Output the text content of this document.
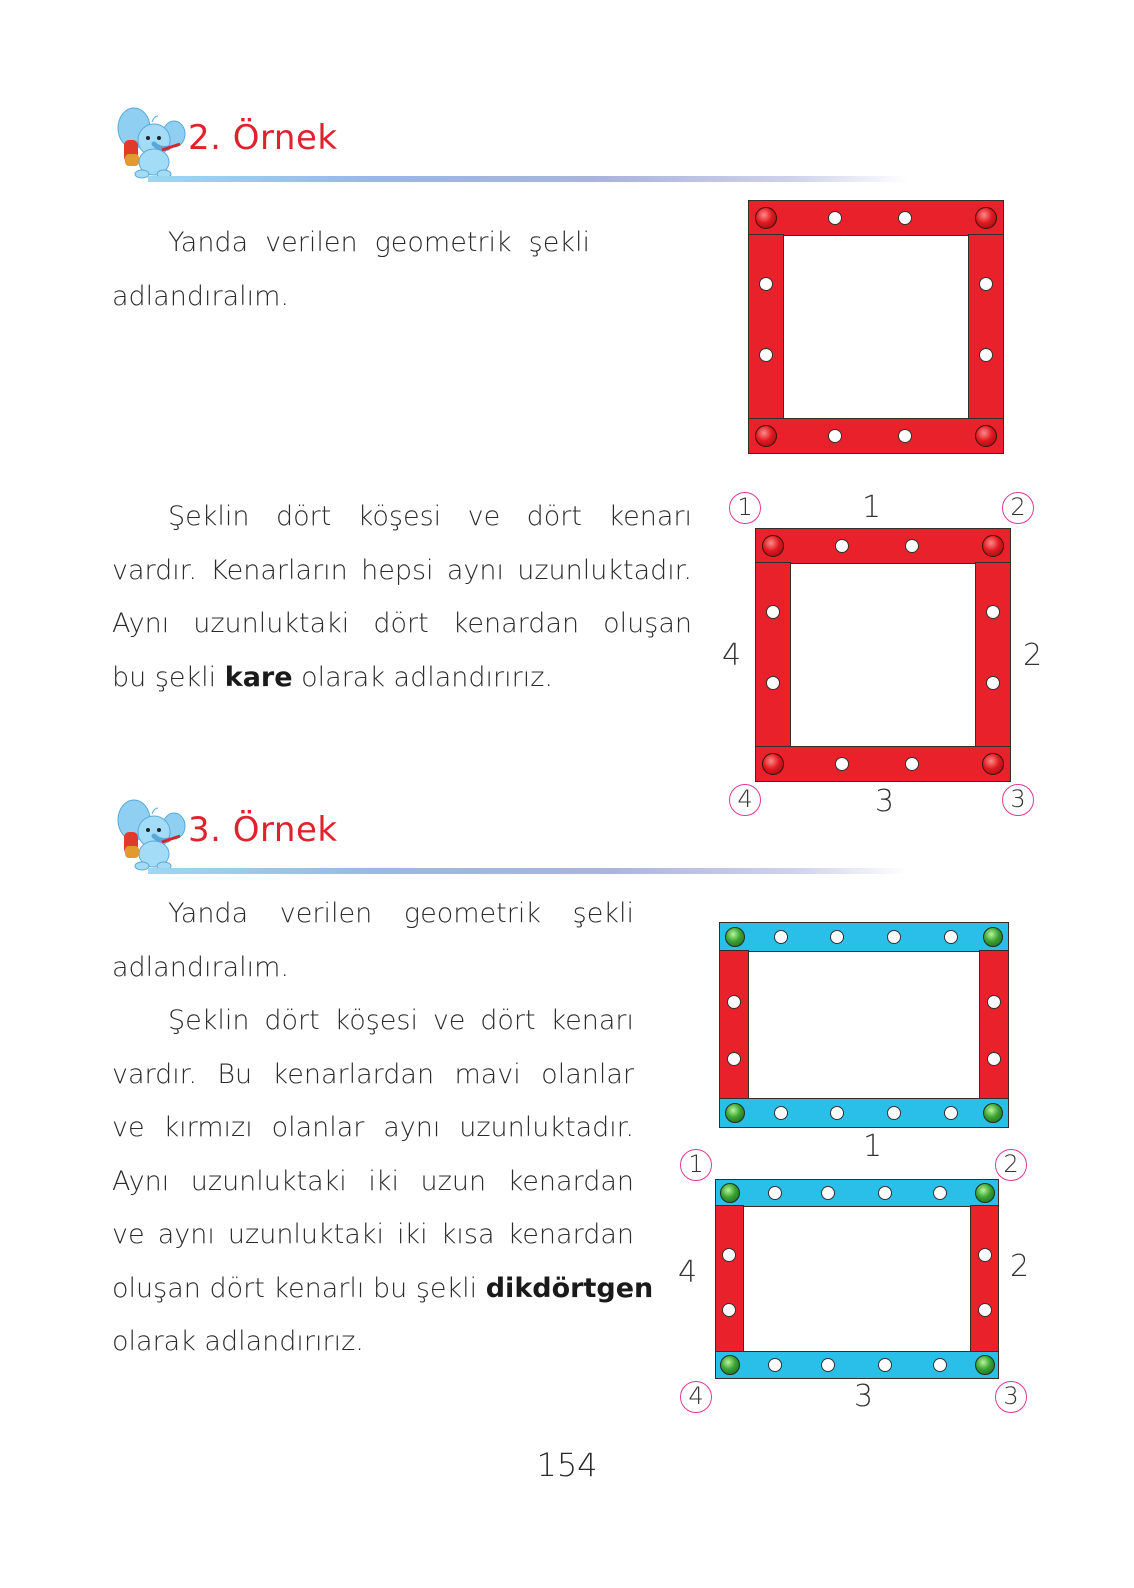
2. Örnek
Yanda verilen geometrik şekli
adlandıralım.
Şeklin dört köşesi ve dört kenarı
vardır. Kenarların hepsi aynı uzunluktadır.
Aynı uzunluktaki dört kenardan oluşan
bu şekli kare olarak adlandırırız.
1	2
3
4
1
2
3
4
3. Örnek
Yanda verilen geometrik şekli
adlandıralım.
Şeklin dört köşesi ve dört kenarı
vardır. Bu kenarlardan mavi olanlar
ve kırmızı olanlar aynı uzunluktadır.
Aynı uzunluktaki iki uzun kenardan
ve aynı uzunluktaki iki kısa kenardan
oluşan dört kenarlı bu şekli dikdörtgen
olarak adlandırırız.
1	2
3
4
1
2
3
4
154
